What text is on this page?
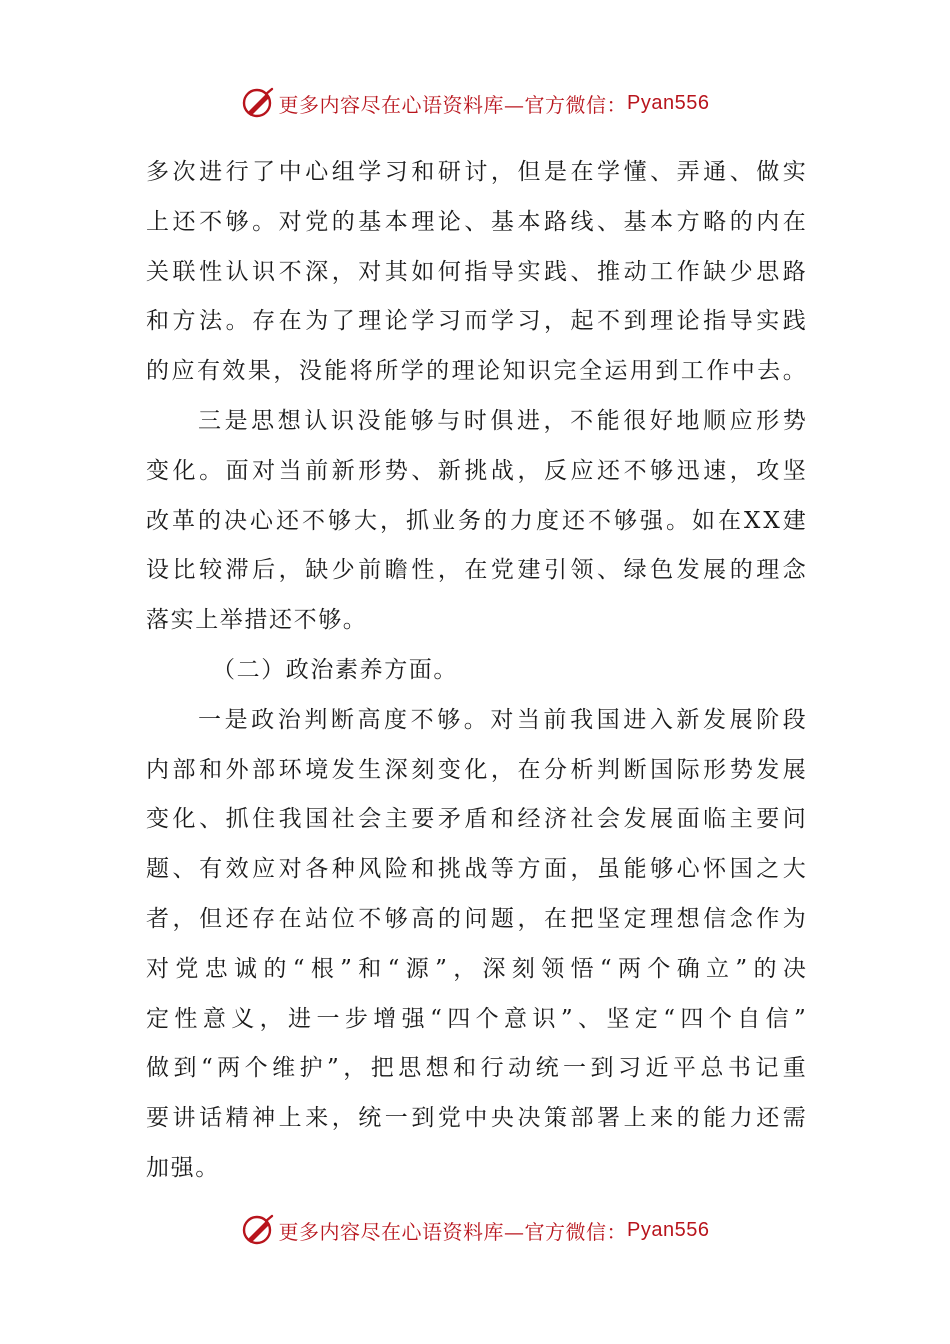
更多内容尽在心语资料库—官方微信： Pyan556
多 次 进 行 了 中 心 组 学 习 和 研 讨 ， 但 是 在 学 懂 、 弄 通 、 做 实
上 还 不 够 。 对 党 的 基 本 理 论 、 基 本 路 线 、 基 本 方 略 的 内 在
关 联 性 认 识 不 深 ， 对 其 如 何 指 导 实 践 、 推 动 工 作 缺 少 思 路
和 方 法 。 存 在 为 了 理 论 学 习 而 学 习 ， 起 不 到 理 论 指 导 实 践
的 应 有 效 果 ， 没 能 将 所 学 的 理 论 知 识 完 全 运 用 到 工 作 中 去 。
三 是 思 想 认 识 没 能 够 与 时 俱 进 ， 不 能 很 好 地 顺 应 形 势
变 化 。 面 对 当 前 新 形 势 、 新 挑 战 ， 反 应 还 不 够 迅 速 ， 攻 坚
改 革 的 决 心 还 不 够 大 ， 抓 业 务 的 力 度 还 不 够 强 。 如 在 X X 建
设 比 较 滞 后 ， 缺 少 前 瞻 性 ， 在 党 建 引 领 、 绿 色 发 展 的 理 念
落实上举措还不够。
（二）政治素养方面。
一 是 政 治 判 断 高 度 不 够 。 对 当 前 我 国 进 入 新 发 展 阶 段
内 部 和 外 部 环 境 发 生 深 刻 变 化 ， 在 分 析 判 断 国 际 形 势 发 展
变 化 、 抓 住 我 国 社 会 主 要 矛 盾 和 经 济 社 会 发 展 面 临 主 要 问
题 、 有 效 应 对 各 种 风 险 和 挑 战 等 方 面 ， 虽 能 够 心 怀 国 之 大
者 ， 但 还 存 在 站 位 不 够 高 的 问 题 ， 在 把 坚 定 理 想 信 念 作 为
对 党 忠 诚 的 “ 根 ” 和 “ 源 ” ， 深 刻 领 悟 “ 两 个 确 立 ” 的 决
定 性 意 义 ， 进 一 步 增 强 “ 四 个 意 识 ” 、 坚 定 “ 四 个 自 信 ”
做 到 “ 两 个 维 护 ” ， 把 思 想 和 行 动 统 一 到 习 近 平 总 书 记 重
要 讲 话 精 神 上 来 ， 统 一 到 党 中 央 决 策 部 署 上 来 的 能 力 还 需
加强。
更多内容尽在心语资料库—官方微信： Pyan556
